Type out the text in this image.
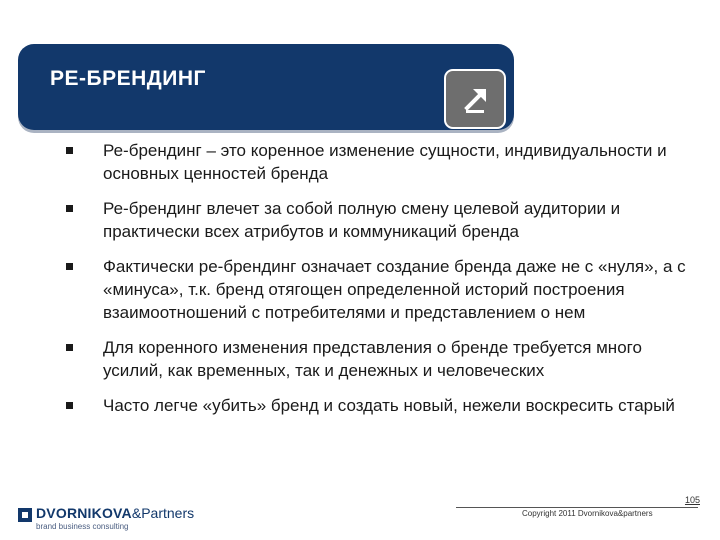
РЕ-БРЕНДИНГ
Ре-брендинг – это коренное изменение сущности, индивидуальности и основных ценностей бренда
Ре-брендинг влечет за собой полную смену целевой аудитории и практически всех атрибутов и коммуникаций бренда
Фактически ре-брендинг означает создание бренда даже не с «нуля», а с «минуса», т.к. бренд отягощен определенной историй построения взаимоотношений с потребителями и представлением о нем
Для коренного изменения представления о бренде требуется много усилий, как временных, так и денежных и человеческих
Часто легче «убить» бренд и создать новый, нежели воскресить старый
DVORNIKOVA&Partners
brand business consulting
105
Copyright 2011 Dvornikova&partners
